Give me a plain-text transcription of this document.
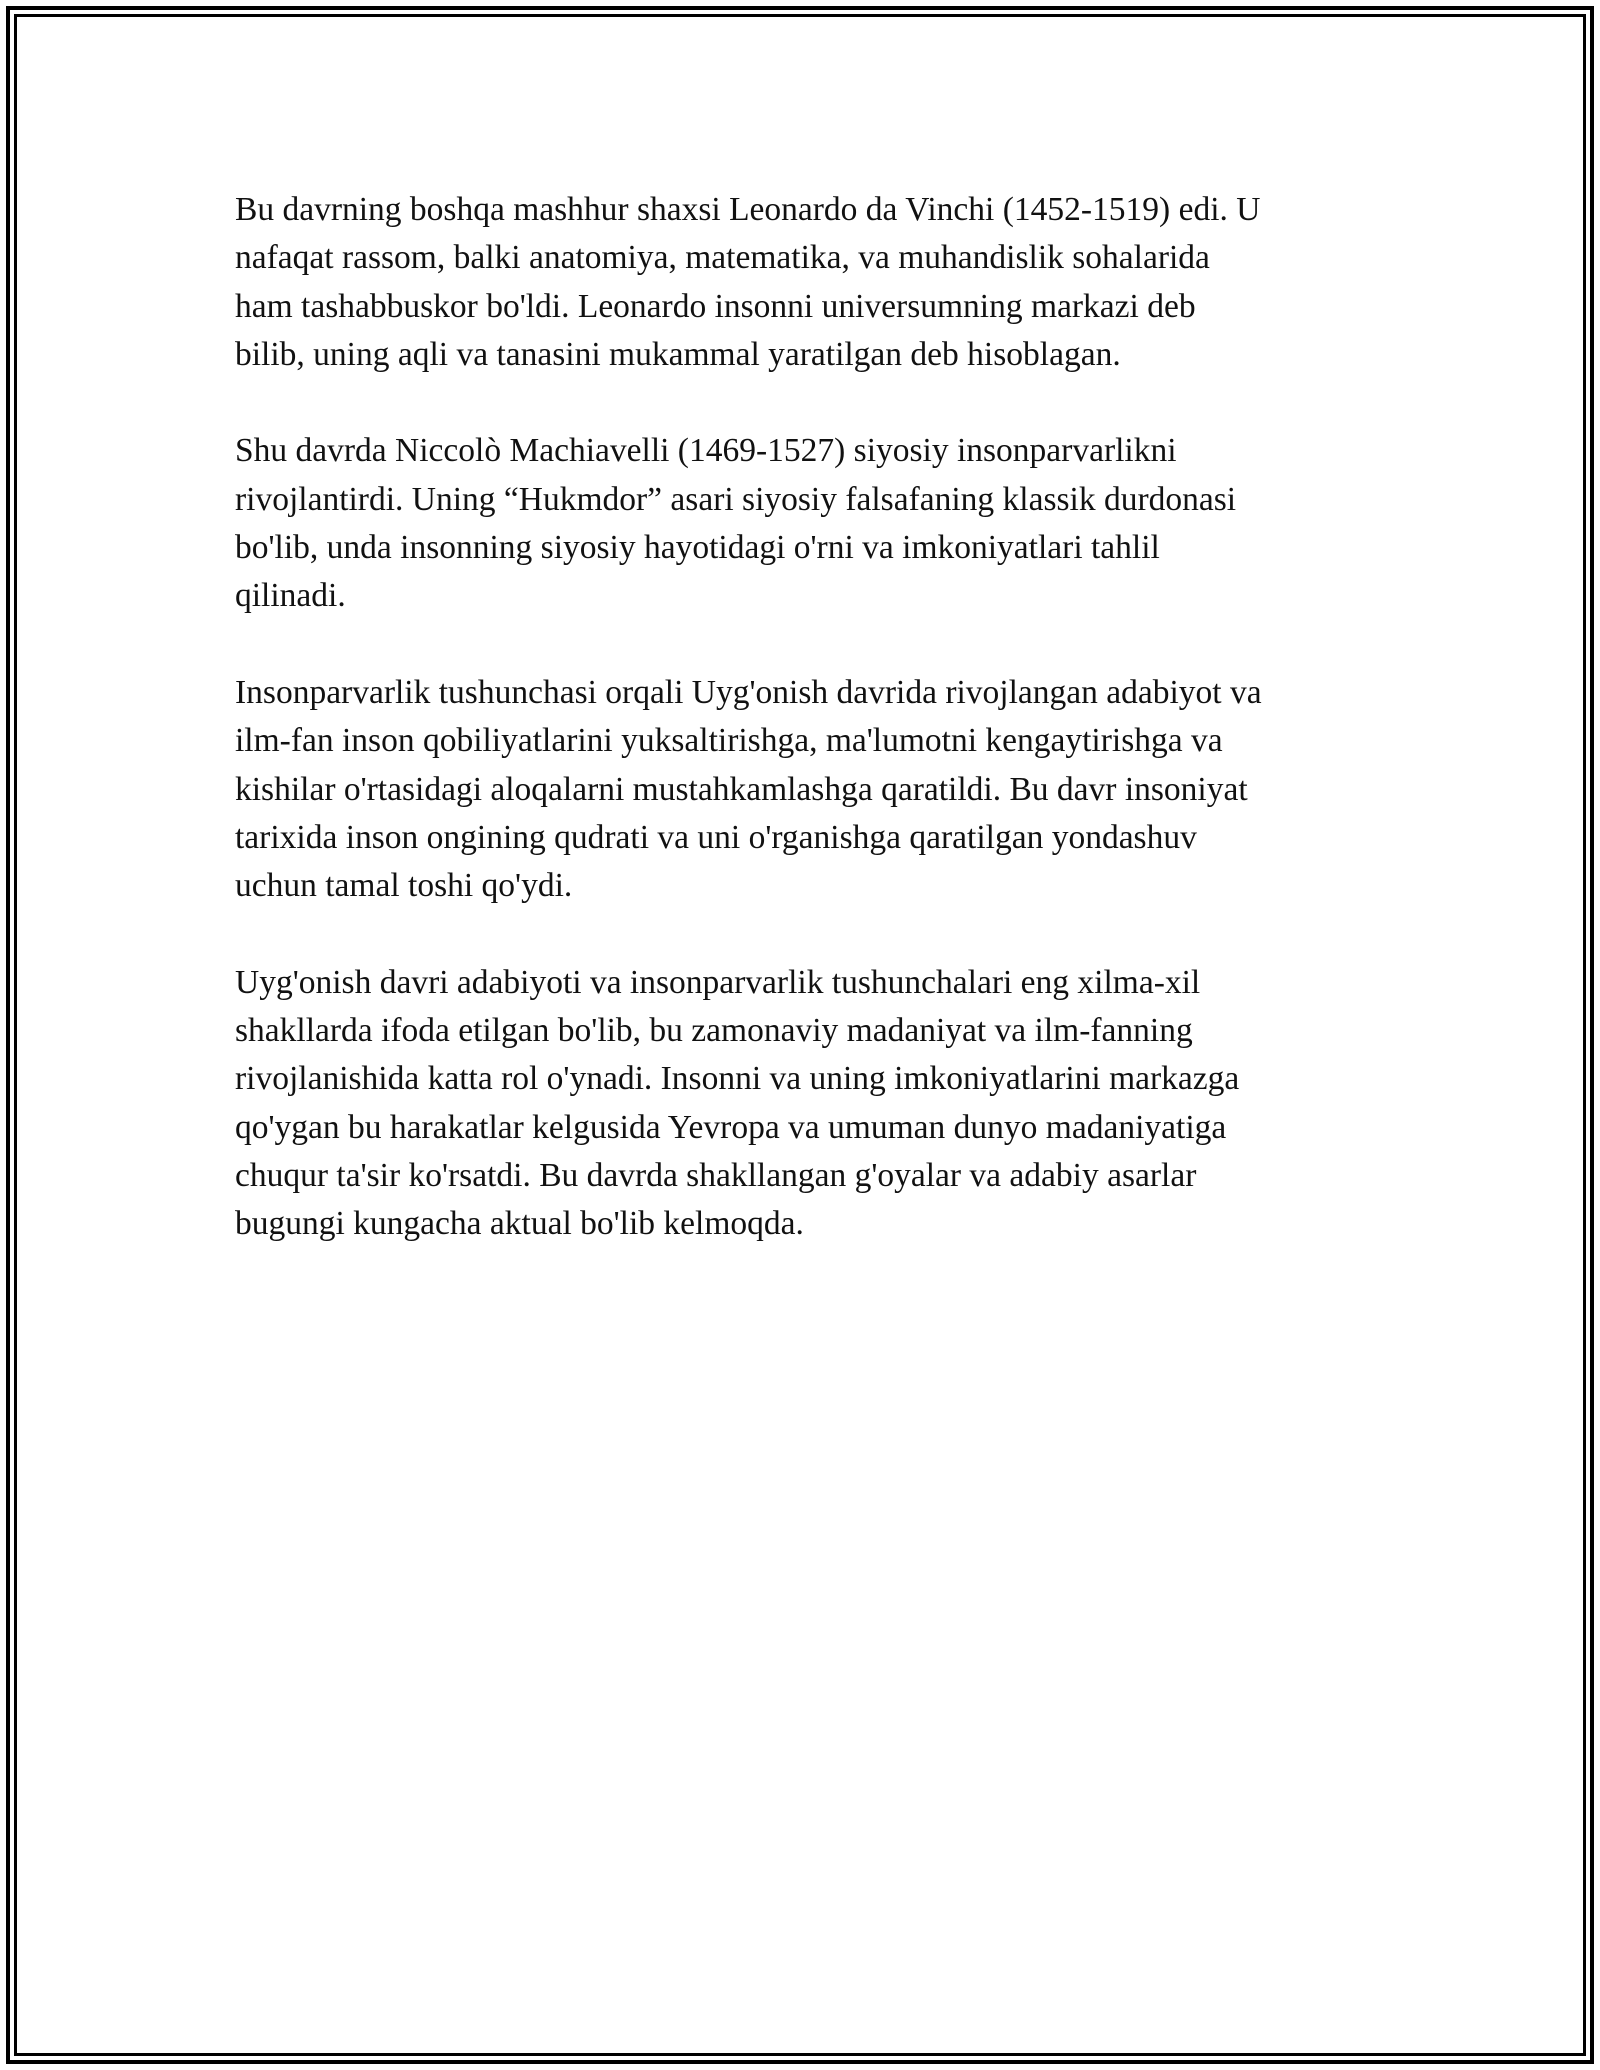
Bu davrning boshqa mashhur shaxsi Leonardo da Vinchi (1452-1519) edi. U
nafaqat rassom, balki anatomiya, matematika, va muhandislik sohalarida
ham tashabbuskor bo'ldi. Leonardo insonni universumning markazi deb
bilib, uning aqli va tanasini mukammal yaratilgan deb hisoblagan.

Shu davrda Niccolò Machiavelli (1469-1527) siyosiy insonparvarlikni
rivojlantirdi. Uning “Hukmdor” asari siyosiy falsafaning klassik durdonasi
bo'lib, unda insonning siyosiy hayotidagi o'rni va imkoniyatlari tahlil
qilinadi.

Insonparvarlik tushunchasi orqali Uyg'onish davrida rivojlangan adabiyot va
ilm-fan inson qobiliyatlarini yuksaltirishga, ma'lumotni kengaytirishga va
kishilar o'rtasidagi aloqalarni mustahkamlashga qaratildi. Bu davr insoniyat
tarixida inson ongining qudrati va uni o'rganishga qaratilgan yondashuv
uchun tamal toshi qo'ydi.

Uyg'onish davri adabiyoti va insonparvarlik tushunchalari eng xilma-xil
shakllarda ifoda etilgan bo'lib, bu zamonaviy madaniyat va ilm-fanning
rivojlanishida katta rol o'ynadi. Insonni va uning imkoniyatlarini markazga
qo'ygan bu harakatlar kelgusida Yevropa va umuman dunyo madaniyatiga
chuqur ta'sir ko'rsatdi. Bu davrda shakllangan g'oyalar va adabiy asarlar
bugungi kungacha aktual bo'lib kelmoqda.
